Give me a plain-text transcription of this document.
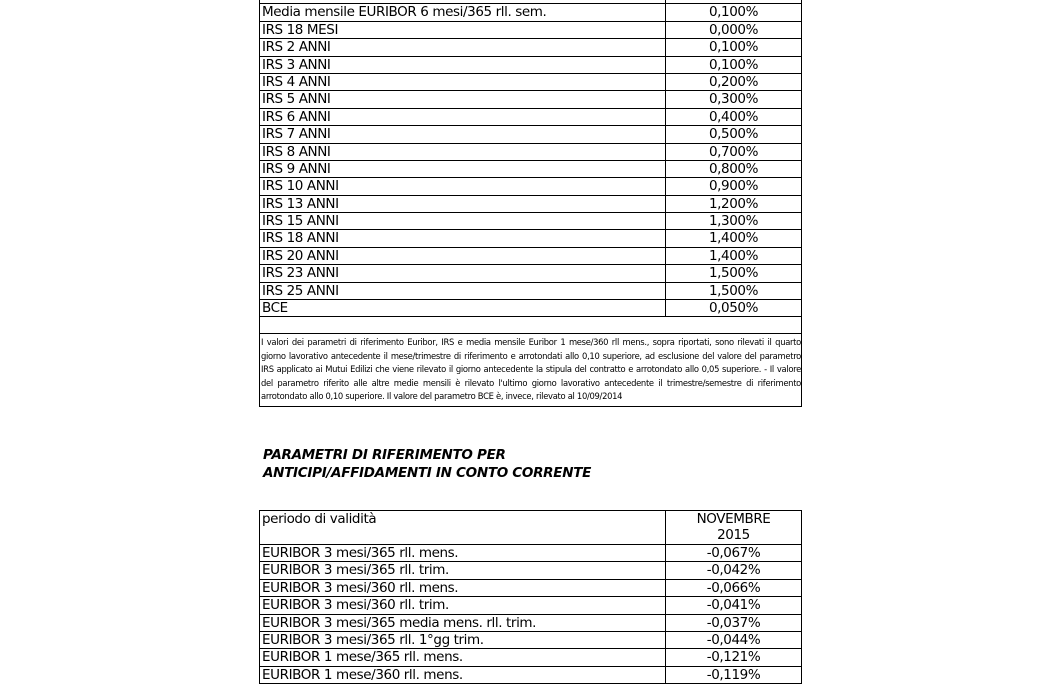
Media mensile EURIBOR 6 mesi/365 rll. sem.	0,100%
IRS 18 MESI	0,000%
IRS 2 ANNI	0,100%
IRS 3 ANNI	0,100%
IRS 4 ANNI	0,200%
IRS 5 ANNI	0,300%
IRS 6 ANNI	0,400%
IRS 7 ANNI	0,500%
IRS 8 ANNI	0,700%
IRS 9 ANNI	0,800%
IRS 10 ANNI	0,900%
IRS 13 ANNI	1,200%
IRS 15 ANNI	1,300%
IRS 18 ANNI	1,400%
IRS 20 ANNI	1,400%
IRS 23 ANNI	1,500%
IRS 25 ANNI	1,500%
BCE	0,050%

I valori dei parametri di riferimento Euribor, IRS e media mensile Euribor 1 mese/360 rll mens., sopra riportati, sono rilevati il quarto giorno lavorativo antecedente il mese/trimestre di riferimento e arrotondati allo 0,10 superiore, ad esclusione del valore del parametro IRS applicato ai Mutui Edilizi che viene rilevato il giorno antecedente la stipula del contratto e arrotondato allo 0,05 superiore. - Il valore del parametro riferito alle altre medie mensili è rilevato l'ultimo giorno lavorativo antecedente il trimestre/semestre di riferimento arrotondato allo 0,10 superiore. Il valore del parametro BCE è, invece, rilevato al 10/09/2014	
PARAMETRI DI RIFERIMENTO PER
ANTICIPI/AFFIDAMENTI IN CONTO CORRENTE
periodo di validità	NOVEMBRE
2015

EURIBOR 3 mesi/365 rll. mens.	-0,067%
EURIBOR 3 mesi/365 rll. trim.	-0,042%
EURIBOR 3 mesi/360 rll. mens.	-0,066%
EURIBOR 3 mesi/360 rll. trim.	-0,041%
EURIBOR 3 mesi/365 media mens. rll. trim.	-0,037%
EURIBOR 3 mesi/365 rll. 1°gg trim.	-0,044%
EURIBOR 1 mese/365 rll. mens.	-0,121%
EURIBOR 1 mese/360 rll. mens.	-0,119%
